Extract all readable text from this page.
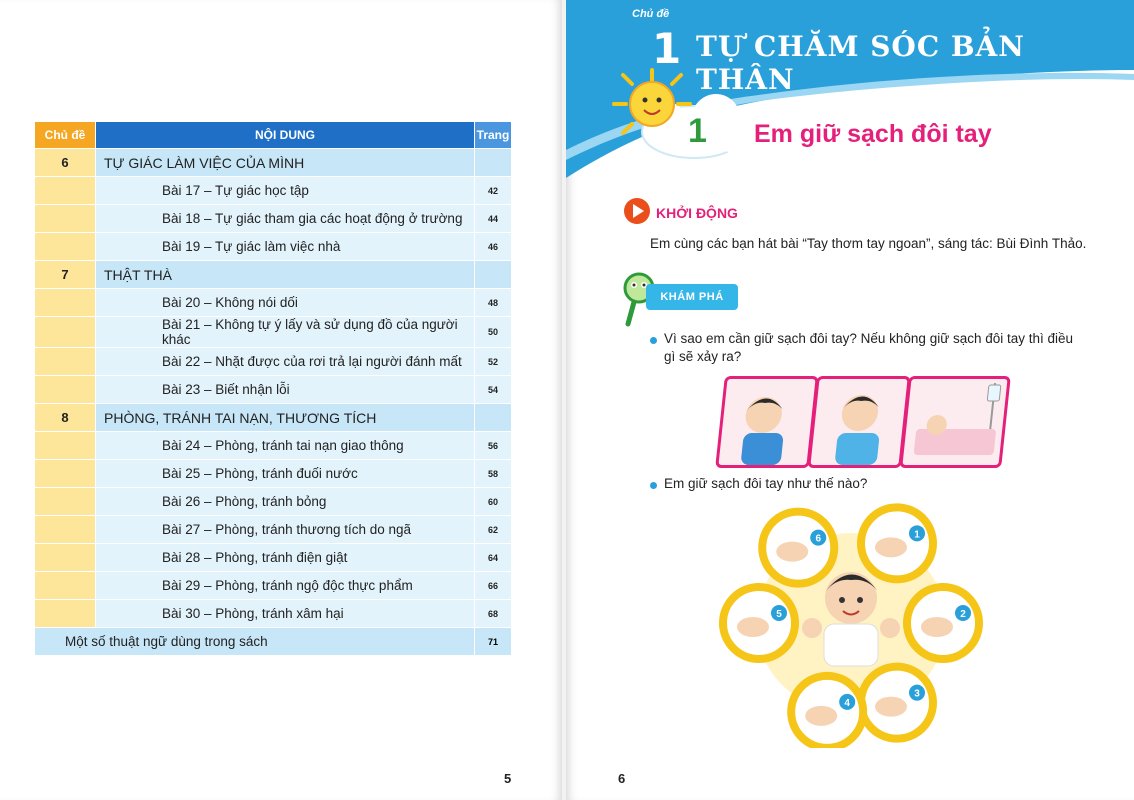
Chủ đề	NỘI DUNG	Trang
6	TỰ GIÁC LÀM VIỆC CỦA MÌNH	
	Bài 17 – Tự giác học tập	42
	Bài 18 – Tự giác tham gia các hoạt động ở trường	44
	Bài 19 – Tự giác làm việc nhà	46
7	THẬT THÀ	
	Bài 20 – Không nói dối	48
	Bài 21 – Không tự ý lấy và sử dụng đồ của người khác	50
	Bài 22 – Nhặt được của rơi trả lại người đánh mất	52
	Bài 23 – Biết nhận lỗi	54
8	PHÒNG, TRÁNH TAI NẠN, THƯƠNG TÍCH	
	Bài 24 – Phòng, tránh tai nạn giao thông	56
	Bài 25 – Phòng, tránh đuối nước	58
	Bài 26 – Phòng, tránh bỏng	60
	Bài 27 – Phòng, tránh thương tích do ngã	62
	Bài 28 – Phòng, tránh điện giật	64
	Bài 29 – Phòng, tránh ngộ độc thực phẩm	66
	Bài 30 – Phòng, tránh xâm hại	68
Một số thuật ngữ dùng trong sách		71
5
Chủ đề
1 TỰ CHĂM SÓC BẢN THÂN
1 Em giữ sạch đôi tay
KHỞI ĐỘNG
Em cùng các bạn hát bài “Tay thơm tay ngoan”, sáng tác: Bùi Đình Thảo.
KHÁM PHÁ
Vì sao em cần giữ sạch đôi tay? Nếu không giữ sạch đôi tay thì điều gì sẽ xảy ra?
Em giữ sạch đôi tay như thế nào?
1
2
3
4
5
6
6
